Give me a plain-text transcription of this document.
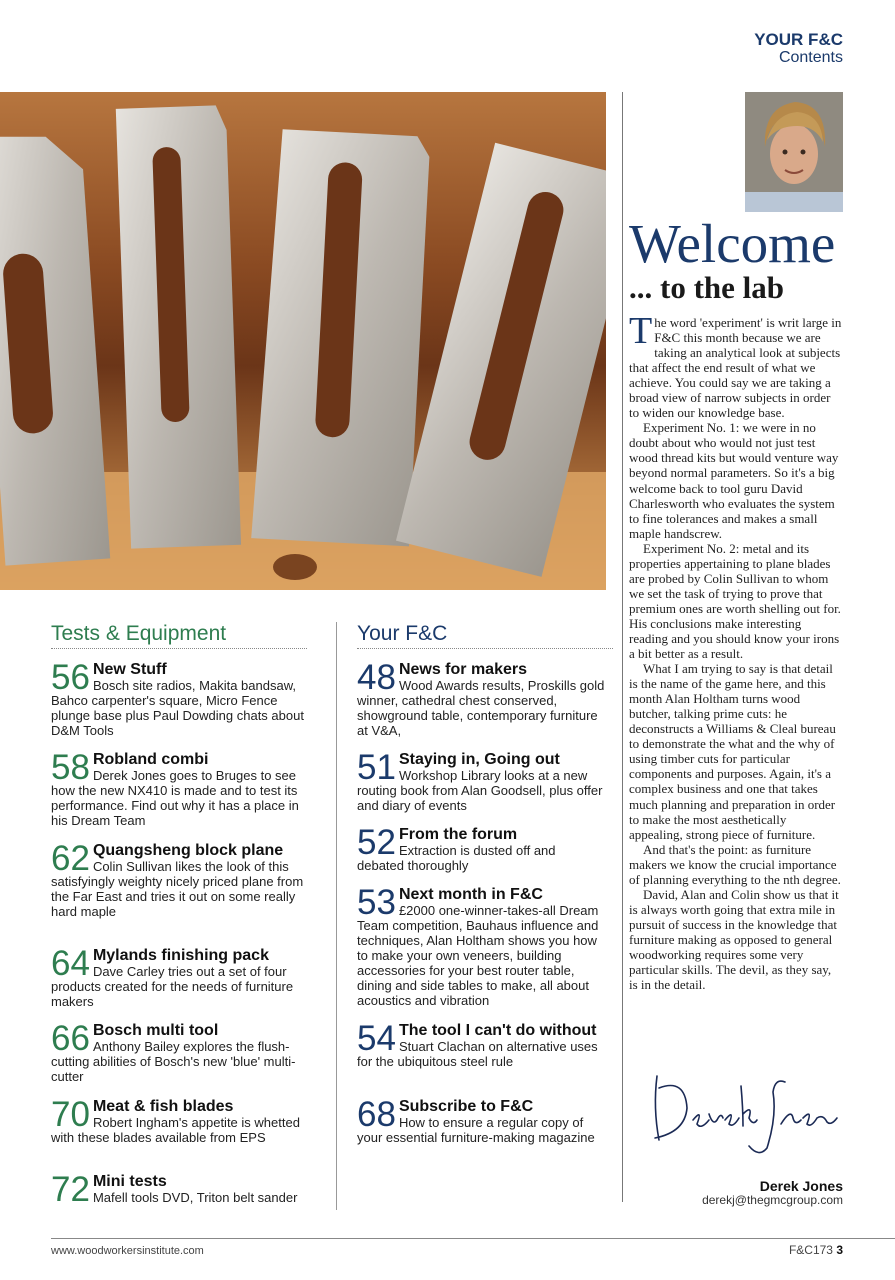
YOUR F&C
Contents
Tests & Equipment
56 New Stuff
Bosch site radios, Makita bandsaw, Bahco carpenter's square, Micro Fence plunge base plus Paul Dowding chats about D&M Tools
58 Robland combi
Derek Jones goes to Bruges to see how the new NX410 is made and to test its performance. Find out why it has a place in his Dream Team
62 Quangsheng block plane
Colin Sullivan likes the look of this satisfyingly weighty nicely priced plane from the Far East and tries it out on some really hard maple
64 Mylands finishing pack
Dave Carley tries out a set of four products created for the needs of furniture makers
66 Bosch multi tool
Anthony Bailey explores the flush-cutting abilities of Bosch's new 'blue' multi-cutter
70 Meat & fish blades
Robert Ingham's appetite is whetted with these blades available from EPS
72 Mini tests
Mafell tools DVD, Triton belt sander
Your F&C
48 News for makers
Wood Awards results, Proskills gold winner, cathedral chest conserved, showground table, contemporary furniture at V&A,
51 Staying in, Going out
Workshop Library looks at a new routing book from Alan Goodsell, plus offer and diary of events
52 From the forum
Extraction is dusted off and debated thoroughly
53 Next month in F&C
£2000 one-winner-takes-all Dream Team competition, Bauhaus influence and techniques, Alan Holtham shows you how to make your own veneers, building accessories for your best router table, dining and side tables to make, all about acoustics and vibration
54 The tool I can't do without
Stuart Clachan on alternative uses for the ubiquitous steel rule
68 Subscribe to F&C
How to ensure a regular copy of your essential furniture-making magazine
Welcome
... to the lab

The word 'experiment' is writ large in F&C this month because we are taking an analytical look at subjects that affect the end result of what we achieve. You could say we are taking a broad view of narrow subjects in order to widen our knowledge base.

Experiment No. 1: we were in no doubt about who would not just test wood thread kits but would venture way beyond normal parameters. So it's a big welcome back to tool guru David Charlesworth who evaluates the system to fine tolerances and makes a small maple handscrew.

Experiment No. 2: metal and its properties appertaining to plane blades are probed by Colin Sullivan to whom we set the task of trying to prove that premium ones are worth shelling out for. His conclusions make interesting reading and you should know your irons a bit better as a result.

What I am trying to say is that detail is the name of the game here, and this month Alan Holtham turns wood butcher, talking prime cuts: he deconstructs a Williams & Cleal bureau to demonstrate the what and the why of using timber cuts for particular components and purposes. Again, it's a complex business and one that takes much planning and preparation in order to make the most aesthetically appealing, strong piece of furniture.

And that's the point: as furniture makers we know the crucial importance of planning everything to the nth degree.

David, Alan and Colin show us that it is always worth going that extra mile in pursuit of success in the knowledge that furniture making as opposed to general woodworking requires some very particular skills. The devil, as they say, is in the detail.

Derek Jones
derekj@thegmcgroup.com
www.woodworkersinstitute.com	F&C173 3
